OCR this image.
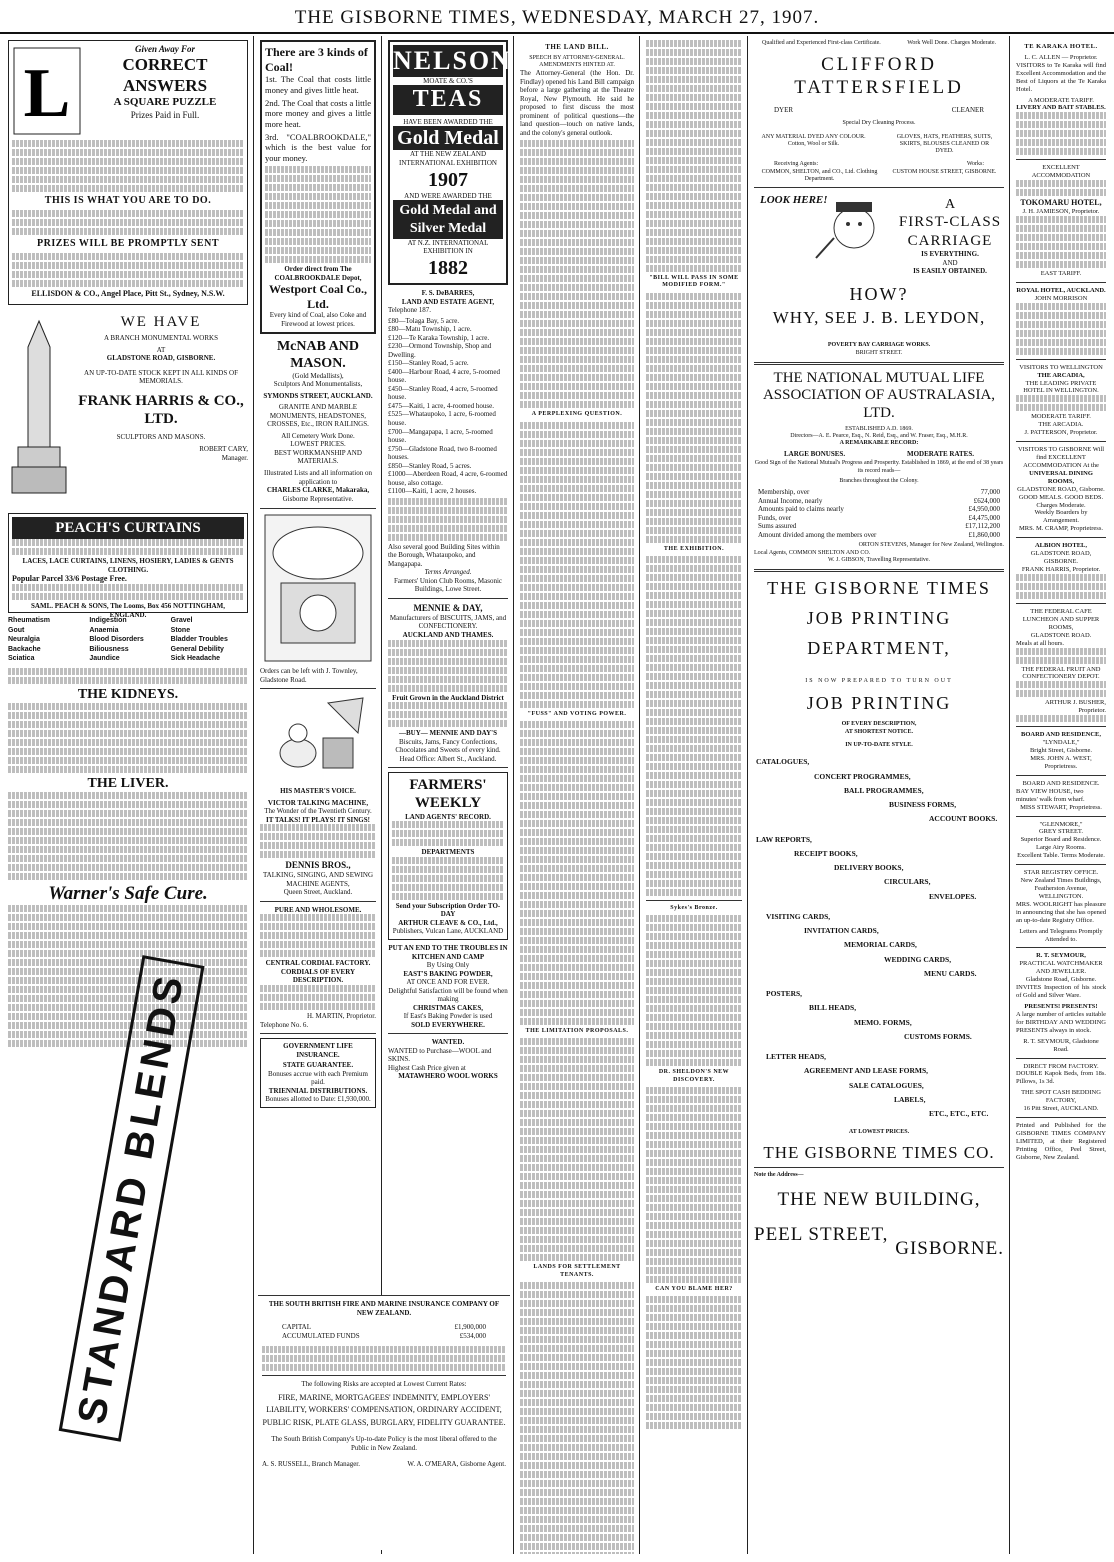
THE GISBORNE TIMES, WEDNESDAY, MARCH 27, 1907.
L
Given Away For
CORRECT ANSWERS
A SQUARE PUZZLE
Prizes Paid in Full.

THIS IS WHAT YOU ARE TO DO.

PRIZES WILL BE PROMPTLY SENT

ELLISDON & CO., Angel Place, Pitt St., Sydney, N.S.W.
WE HAVE
A BRANCH MONUMENTAL WORKS
AT
GLADSTONE ROAD, GISBORNE.
AN UP-TO-DATE STOCK KEPT IN ALL KINDS OF MEMORIALS.
FRANK HARRIS & CO., LTD.
SCULPTORS AND MASONS.
ROBERT CARY,
Manager.
PEACH'S CURTAINS

LACES, LACE CURTAINS, LINENS, HOSIERY, LADIES & GENTS CLOTHING.
Popular Parcel 33/6 Postage Free.

SAML. PEACH & SONS, The Looms, Box 456 NOTTINGHAM, ENGLAND.
Rheumatism	Indigestion	Gravel
Gout	Anaemia	Stone
Neuralgia	Blood Disorders	Bladder Troubles
Backache	Biliousness	General Debility
Sciatica	Jaundice	Sick Headache

THE KIDNEYS.

THE LIVER.

Warner's Safe Cure.

STANDARD BLENDS
There are 3 kinds of Coal!

1st. The Coal that costs little money and gives little heat.

2nd. The Coal that costs a little more money and gives a little more heat.

3rd. "COALBROOKDALE," which is the best value for your money.

Order direct from The COALBROOKDALE Depot,
Westport Coal Co., Ltd.
Every kind of Coal, also Coke and Firewood at lowest prices.
McNAB AND MASON.
(Gold Medallists),
Sculptors And Monumentalists,
SYMONDS STREET, AUCKLAND.
GRANITE AND MARBLE MONUMENTS, HEADSTONES, CROSSES, Etc., IRON RAILINGS.
All Cemetery Work Done.
LOWEST PRICES.
BEST WORKMANSHIP AND MATERIALS.
Illustrated Lists and all information on application to
CHARLES CLARKE, Makaraka,
Gisborne Representative.
Orders can be left with J. Townley, Gladstone Road.
HIS MASTER'S VOICE.
VICTOR TALKING MACHINE,
The Wonder of the Twentieth Century.
IT TALKS! IT PLAYS! IT SINGS!

DENNIS BROS.,
TALKING, SINGING, AND SEWING MACHINE AGENTS,
Queen Street, Auckland.
PURE AND WHOLESOME.

CENTRAL CORDIAL FACTORY.
CORDIALS OF EVERY DESCRIPTION.

H. MARTIN, Proprietor.
Telephone No. 6.
GOVERNMENT LIFE INSURANCE.
STATE GUARANTEE.
Bonuses accrue with each Premium paid.
TRIENNIAL DISTRIBUTIONS.
Bonuses allotted to Date: £1,930,000.
NELSON
MOATE & CO.'S
TEAS
HAVE BEEN AWARDED THE
Gold Medal
AT THE NEW ZEALAND INTERNATIONAL EXHIBITION
1907
AND WERE AWARDED THE
Gold Medal and Silver Medal
AT N.Z. INTERNATIONAL EXHIBITION IN
1882
F. S. DeBARRES,
LAND AND ESTATE AGENT,
Telephone 187.
£80—Tolaga Bay, 5 acre.
£80—Matu Township, 1 acre.
£120—Te Karaka Township, 1 acre.
£230—Ormond Township, Shop and Dwelling.
£150—Stanley Road, 5 acre.
£400—Harbour Road, 4 acre, 5-roomed house.
£450—Stanley Road, 4 acre, 5-roomed house.
£475—Kaiti, 1 acre, 4-roomed house.
£525—Whataupoko, 1 acre, 6-roomed house.
£700—Mangapapa, 1 acre, 5-roomed house.
£750—Gladstone Road, two 8-roomed houses.
£850—Stanley Road, 5 acres.
£1000—Aberdeen Road, 4 acre, 6-roomed house, also cottage.
£1100—Kaiti, 1 acre, 2 houses.

Also several good Building Sites within the Borough, Whataupoko, and Mangapapa.
Terms Arranged.
Farmers' Union Club Rooms, Masonic Buildings, Lowe Street.
MENNIE & DAY,
Manufacturers of BISCUITS, JAMS, and CONFECTIONERY.
AUCKLAND AND THAMES.

Fruit Grown in the Auckland District

—BUY— MENNIE AND DAY'S
Biscuits, Jams, Fancy Confections, Chocolates and Sweets of every kind.
Head Office: Albert St., Auckland.
FARMERS' WEEKLY
LAND AGENTS' RECORD.

DEPARTMENTS

Send your Subscription Order TO-DAY
ARTHUR CLEAVE & CO., Ltd.,
Publishers, Vulcan Lane, AUCKLAND
PUT AN END TO THE TROUBLES IN KITCHEN AND CAMP
By Using Only
EAST'S BAKING POWDER,
AT ONCE AND FOR EVER.
Delightful Satisfaction will be found when making
CHRISTMAS CAKES,
If East's Baking Powder is used
SOLD EVERYWHERE.
WANTED.
WANTED to Purchase—WOOL and SKINS.
Highest Cash Price given at
MATAWHERO WOOL WORKS
THE SOUTH BRITISH FIRE AND MARINE INSURANCE COMPANY OF NEW ZEALAND.
CAPITAL	£1,900,000
ACCUMULATED FUNDS	£534,000

The following Risks are accepted at Lowest Current Rates:
FIRE, MARINE, MORTGAGEES' INDEMNITY, EMPLOYERS' LIABILITY, WORKERS' COMPENSATION, ORDINARY ACCIDENT, PUBLIC RISK, PLATE GLASS, BURGLARY, FIDELITY GUARANTEE.
The South British Company's Up-to-date Policy is the most liberal offered to the Public in New Zealand.
A. S. RUSSELL, Branch Manager.	W. A. O'MEARA, Gisborne Agent.
THE LAND BILL.
SPEECH BY ATTORNEY-GENERAL.
AMENDMENTS HINTED AT.

The Attorney-General (the Hon. Dr. Findlay) opened his Land Bill campaign before a large gathering at the Theatre Royal, New Plymouth. He said he proposed to first discuss the most prominent of political questions—the land question—touch on native lands, and the colony's general outlook.

A PERPLEXING QUESTION.

"FUSS" AND VOTING POWER.

THE LIMITATION PROPOSALS.

LANDS FOR SETTLEMENT TENANTS.

"BILL WILL PASS IN SOME MODIFIED FORM."

THE EXHIBITION.

Sykes's Bronze.

DR. SHELDON'S NEW DISCOVERY.

CAN YOU BLAME HER?

Qualified and Experienced First-class Certificate.	Work Well Done. Charges Moderate.
CLIFFORD
TATTERSFIELD
DYER	CLEANER
Special Dry Cleaning Process.
ANY MATERIAL DYED ANY COLOUR. Cotton, Wool or Silk.
GLOVES, HATS, FEATHERS, SUITS, SKIRTS, BLOUSES CLEANED OR DYED.
Receiving Agents:	Works:
COMMON, SHELTON, and CO., Ltd. Clothing Department.
CUSTOM HOUSE STREET, GISBORNE.
LOOK HERE!	A
FIRST-CLASS
CARRIAGE
IS EVERYTHING.
AND
IS EASILY OBTAINED.
HOW?
WHY, SEE J. B. LEYDON,
POVERTY BAY CARRIAGE WORKS.
BRIGHT STREET.
THE NATIONAL MUTUAL LIFE ASSOCIATION OF AUSTRALASIA, LTD.
ESTABLISHED A.D. 1869.
Directors—A. E. Pearce, Esq., N. Reid, Esq., and W. Fraser, Esq., M.H.R.
A REMARKABLE RECORD:
LARGE BONUSES.	MODERATE RATES.
Good Sign of the National Mutual's Progress and Prosperity. Established in 1869, at the end of 38 years its record reads—
Branches throughout the Colony.
Membership, over	77,000
Annual Income, nearly	£624,000
Amounts paid to claims nearly	£4,950,000
Funds, over	£4,475,000
Sums assured	£17,112,200
Amount divided among the members over	£1,860,000
ORTON STEVENS, Manager for New Zealand, Wellington.
Local Agents, COMMON SHELTON AND CO.
W. J. GIBSON, Travelling Representative.
THE GISBORNE TIMES
JOB PRINTING
DEPARTMENT,
IS NOW PREPARED TO TURN OUT
JOB PRINTING
OF EVERY DESCRIPTION,
AT SHORTEST NOTICE.
IN UP-TO-DATE STYLE.
CATALOGUES,
CONCERT PROGRAMMES,
BALL PROGRAMMES,
BUSINESS FORMS,
ACCOUNT BOOKS.
LAW REPORTS,
RECEIPT BOOKS,
DELIVERY BOOKS,
CIRCULARS,
ENVELOPES.
VISITING CARDS,
INVITATION CARDS,
MEMORIAL CARDS,
WEDDING CARDS,
MENU CARDS.
POSTERS,
BILL HEADS,
MEMO. FORMS,
CUSTOMS FORMS.
LETTER HEADS,
AGREEMENT AND LEASE FORMS,
SALE CATALOGUES,
LABELS,
ETC., ETC., ETC.
AT LOWEST PRICES.
THE GISBORNE TIMES CO.
Note the Address—
THE NEW BUILDING,
PEEL STREET,
GISBORNE.
TE KARAKA HOTEL.
L. C. ALLEN — Proprietor.

VISITORS to Te Karaka will find Excellent Accommodation and the Best of Liquors at the Te Karaka Hotel.

A MODERATE TARIFF.
LIVERY AND BAIT STABLES.

EXCELLENT ACCOMMODATION

TOKOMARU HOTEL,
J. H. JAMIESON, Proprietor.

EAST TARIFF.
ROYAL HOTEL, AUCKLAND.
JOHN MORRISON

VISITORS TO WELLINGTON
THE ARCADIA,
THE LEADING PRIVATE HOTEL IN WELLINGTON.

MODERATE TARIFF.
THE ARCADIA.
J. PATTERSON, Proprietor.
VISITORS TO GISBORNE Will find EXCELLENT ACCOMMODATION At the
UNIVERSAL DINING ROOMS,
GLADSTONE ROAD, Gisborne.
GOOD MEALS. GOOD BEDS.
Charges Moderate.
Weekly Boarders by Arrangement.
MRS. M. CRAMP, Proprietress.
ALBION HOTEL,
GLADSTONE ROAD, GISBORNE.
FRANK HARRIS, Proprietor.

THE FEDERAL CAFE LUNCHEON AND SUPPER ROOMS,
GLADSTONE ROAD.
Meals at all hours.

THE FEDERAL FRUIT AND CONFECTIONERY DEPOT.

ARTHUR J. BUSHER, Proprietor.

BOARD AND RESIDENCE,
"LYNDALE,"
Bright Street, Gisborne.
MRS. JOHN A. WEST, Proprietress.
BOARD AND RESIDENCE.
BAY VIEW HOUSE, two minutes' walk from wharf.
MISS STEWART, Proprietress.
"GLENMORE,"
GREY STREET.
Superior Board and Residence.
Large Airy Rooms.
Excellent Table. Terms Moderate.
STAR REGISTRY OFFICE.
New Zealand Times Buildings, Featherston Avenue, WELLINGTON.

MRS. WOOLRIGHT has pleasure in announcing that she has opened an up-to-date Registry Office.

Letters and Telegrams Promptly Attended to.
R. T. SEYMOUR,
PRACTICAL WATCHMAKER AND JEWELLER.
Gladstone Road, Gisborne.

INVITES Inspection of his stock of Gold and Silver Ware.

PRESENTS! PRESENTS!

A large number of articles suitable for BIRTHDAY AND WEDDING PRESENTS always in stock.

R. T. SEYMOUR, Gladstone Road.
DIRECT FROM FACTORY.

DOUBLE Kapok Beds, from 18s. Pillows, 1s 3d.

THE SPOT CASH BEDDING FACTORY,
16 Pitt Street, AUCKLAND.

Printed and Published for the GISBORNE TIMES COMPANY LIMITED, at their Registered Printing Office, Peel Street, Gisborne, New Zealand.
